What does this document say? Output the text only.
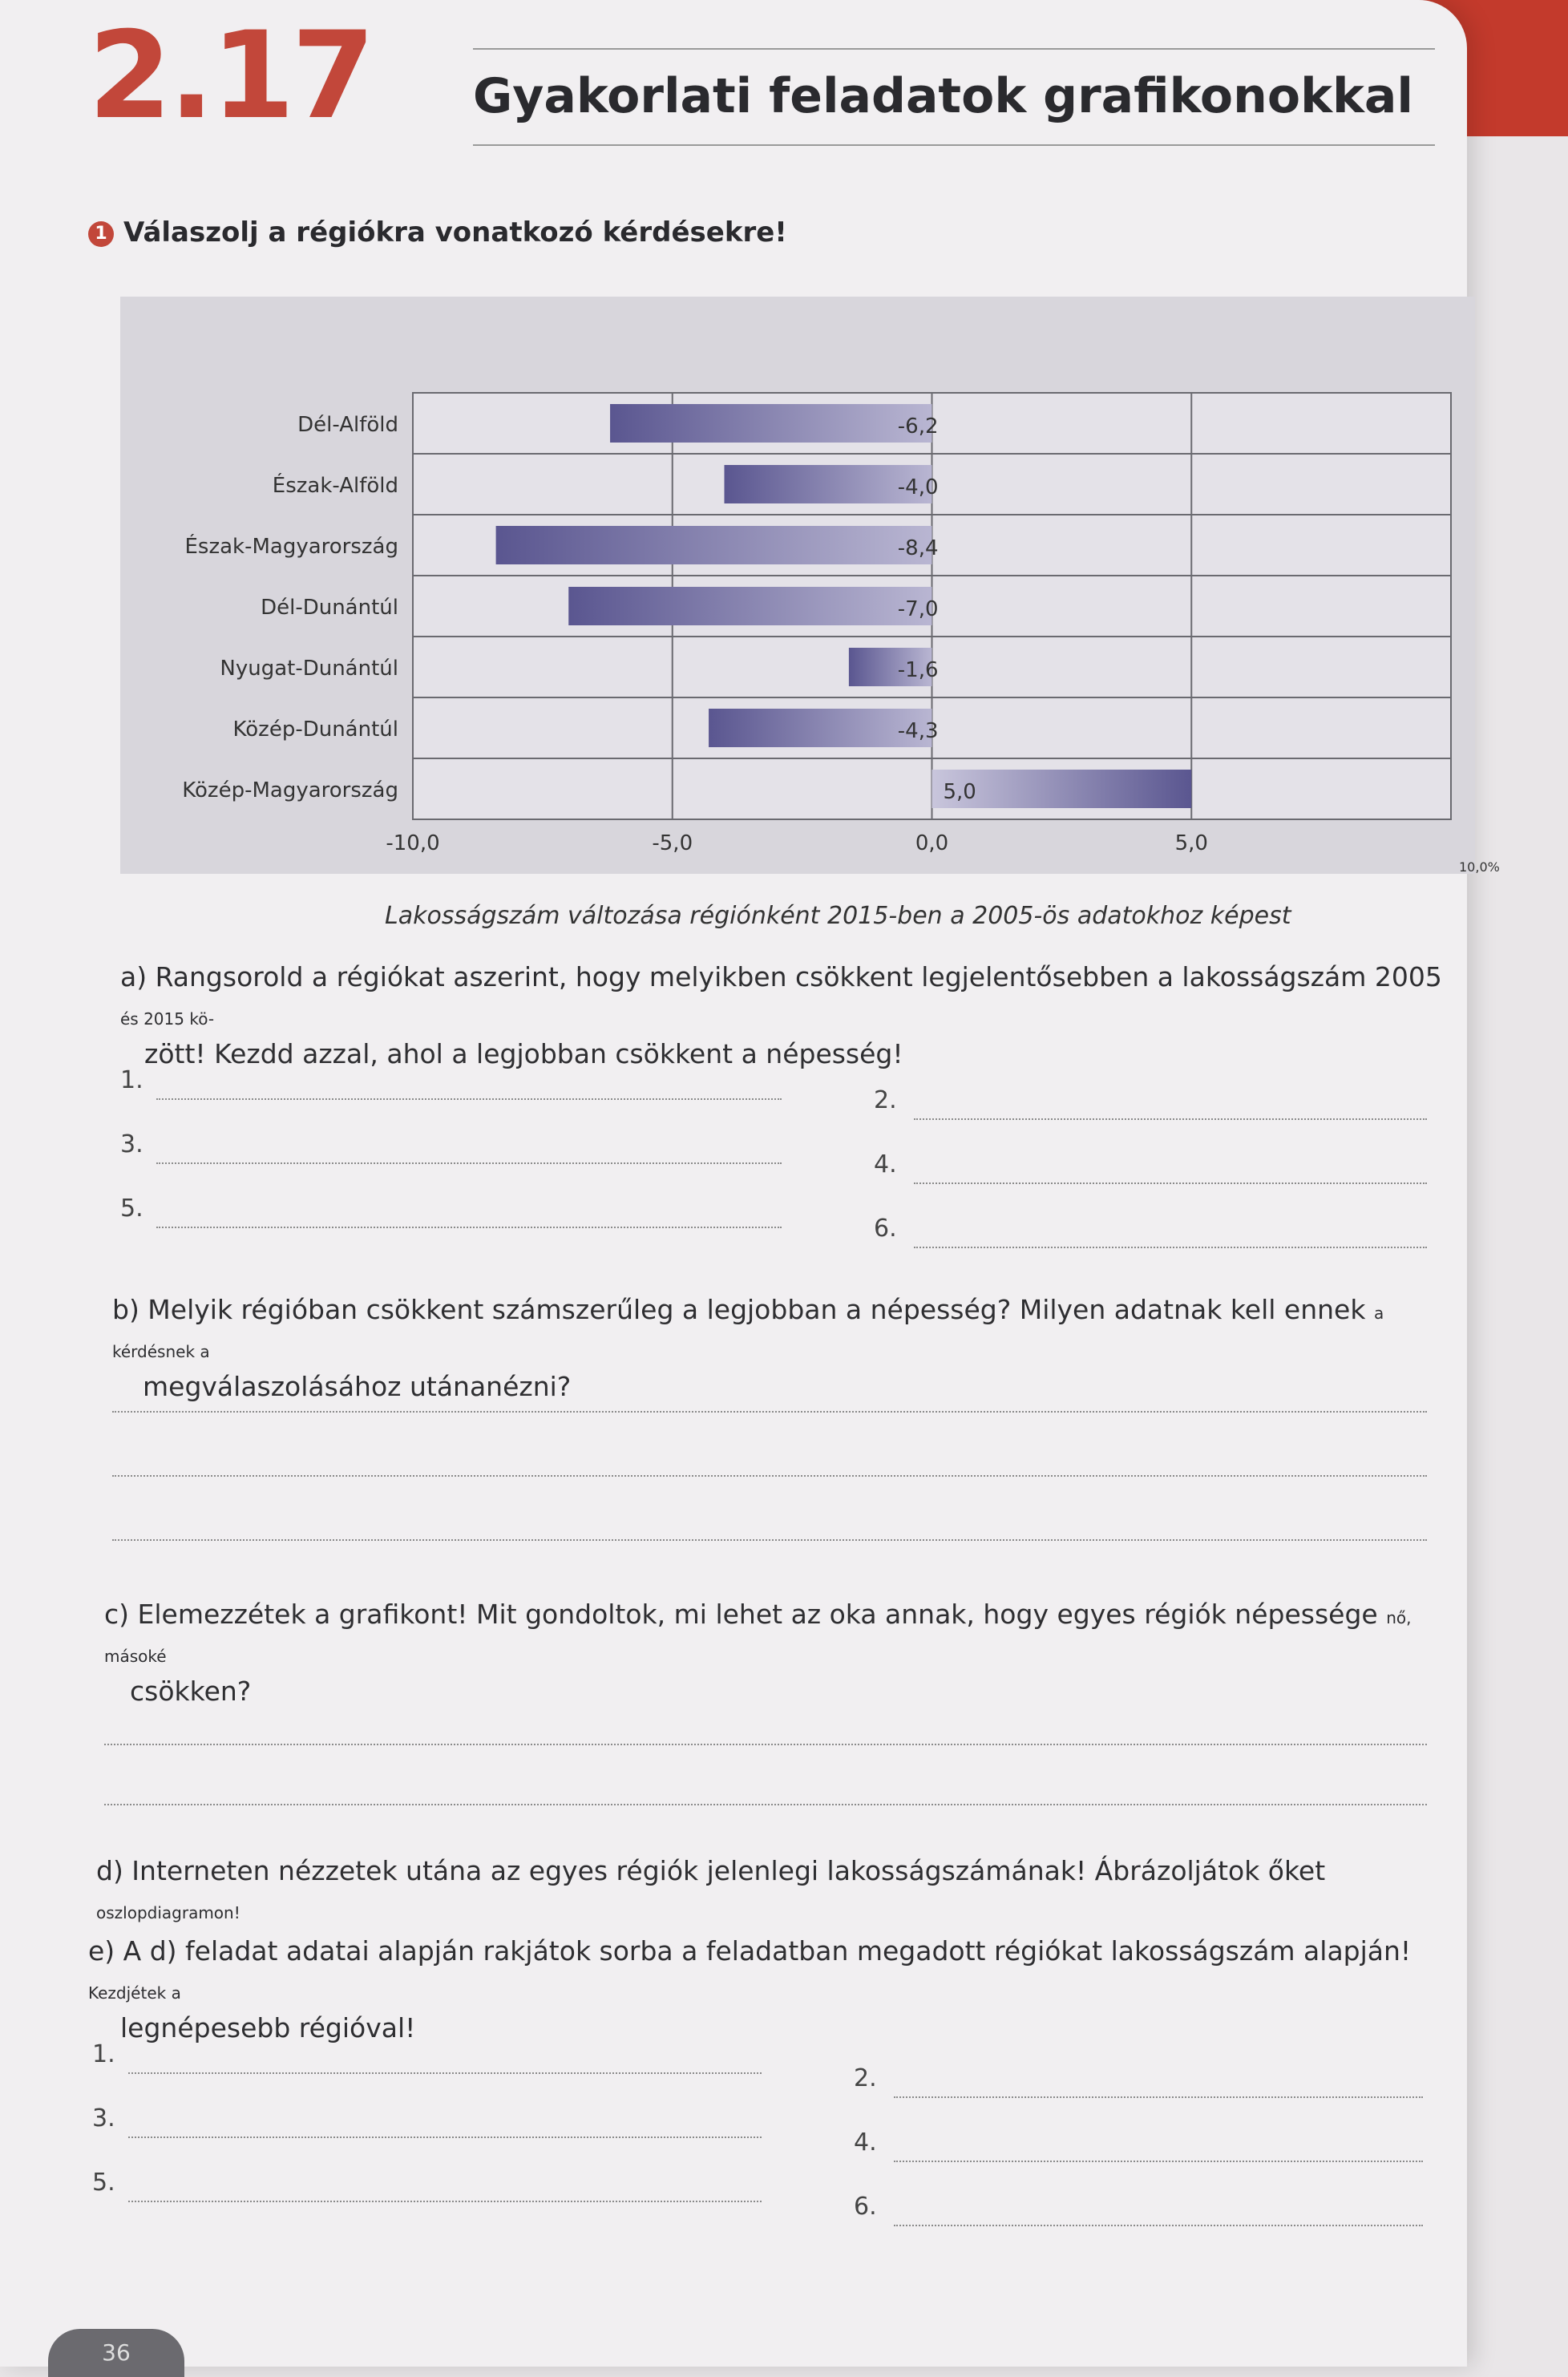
2.17 Gyakorlati feladatok grafikonokkal
1 Válaszolj a régiókra vonatkozó kérdésekre!
Dél-Alföld	-6,2
Észak-Alföld	-4,0
Észak-Magyarország	-8,4
Dél-Dunántúl	-7,0
Nyugat-Dunántúl	-1,6
Közép-Dunántúl	-4,3
Közép-Magyarország	5,0
-10,0	-5,0	0,0	5,0
10,0%
Lakosságszám változása régiónként 2015-ben a 2005-ös adatokhoz képest
a) Rangsorold a régiókat aszerint, hogy melyikben csökkent legjelentősebben a lakosságszám 2005 és 2015 kö-
zött! Kezdd azzal, ahol a legjobban csökkent a népesség!
1.
2.
3.
4.
5.
6.
b) Melyik régióban csökkent számszerűleg a legjobban a népesség? Milyen adatnak kell ennek a kérdésnek a
megválaszolásához utánanézni?
c) Elemezzétek a grafikont! Mit gondoltok, mi lehet az oka annak, hogy egyes régiók népessége nő, másoké
csökken?
d) Interneten nézzetek utána az egyes régiók jelenlegi lakosságszámának! Ábrázoljátok őket oszlopdiagramon!
e) A d) feladat adatai alapján rakjátok sorba a feladatban megadott régiókat lakosságszám alapján! Kezdjétek a
legnépesebb régióval!
1.
2.
3.
4.
5.
6.
36
